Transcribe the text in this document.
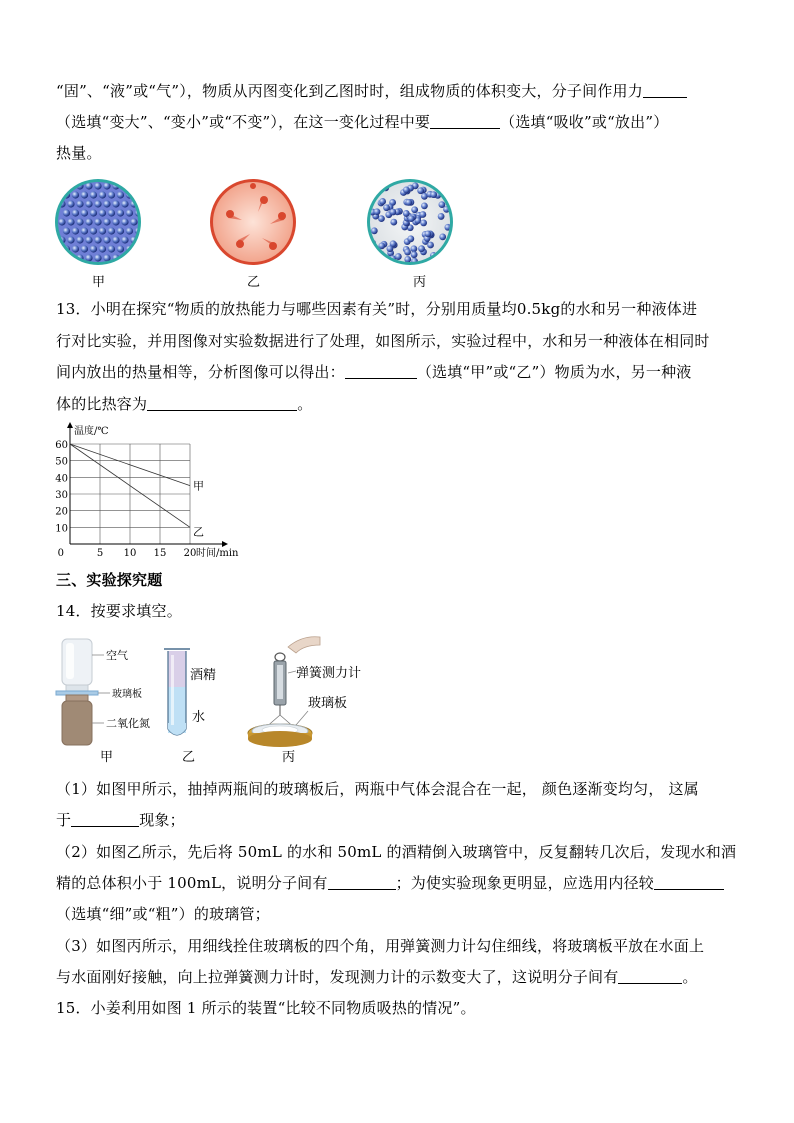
“固”、“液”或“气”），物质从丙图变化到乙图时时，组成物质的体积变大，分子间作用力
（选填“变大”、“变小”或“不变”），在这一变化过程中要	（选填“吸收”或“放出”）
热量。
甲	乙	丙
13．小明在探究“物质的放热能力与哪些因素有关”时，分别用质量均0.5kg的水和另一种液体进
行对比实验，并用图像对实验数据进行了处理，如图所示，实验过程中，水和另一种液体在相同时
间内放出的热量相等，分析图像可以得出：	（选填“甲”或“乙”）物质为水，另一种液
体的比热容为	。
甲
乙
10
20
30
40
50
60
5 10 15 20
0
温度/℃
时间/min
三、实验探究题
14．按要求填空。
空气
玻璃板
二氧化氮
甲
酒精
水
乙
弹簧测力计
玻璃板
丙
（1）如图甲所示，抽掉两瓶间的玻璃板后，两瓶中气体会混合在一起， 颜色逐渐变均匀， 这属
于	现象；
（2）如图乙所示，先后将 50mL 的水和 50mL 的酒精倒入玻璃管中，反复翻转几次后，发现水和酒
精的总体积小于 100mL，说明分子间有	；为使实验现象更明显，应选用内径较
（选填“细”或“粗”）的玻璃管；
（3）如图丙所示，用细线拴住玻璃板的四个角，用弹簧测力计勾住细线，将玻璃板平放在水面上
与水面刚好接触，向上拉弹簧测力计时，发现测力计的示数变大了，这说明分子间有	。
15．小姜利用如图 1 所示的装置“比较不同物质吸热的情况”。
